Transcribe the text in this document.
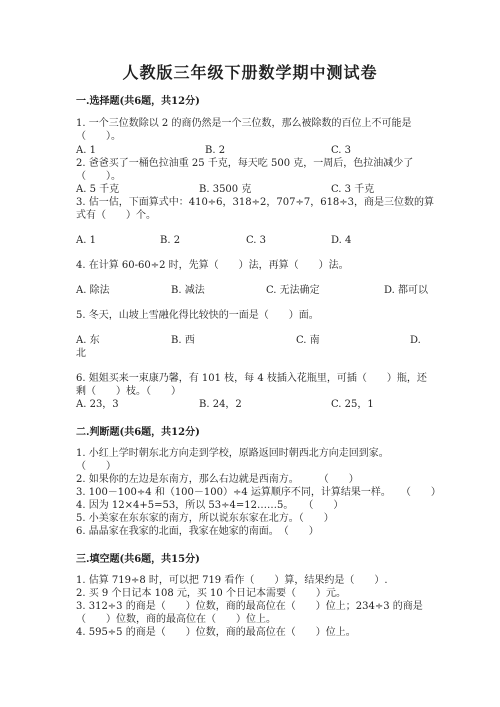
人教版三年级下册数学期中测试卷
一.选择题(共6题，共12分)
1. 一个三位数除以 2 的商仍然是一个三位数，那么被除数的百位上不可能是
（　　）。
A. 1	B. 2	C. 3
2. 爸爸买了一桶色拉油重 25 千克，每天吃 500 克，一周后，色拉油减少了
（　　）。
A. 5 千克	B. 3500 克	C. 3 千克
3. 估一估，下面算式中：410÷6，318÷2，707÷7，618÷3，商是三位数的算
式有（　　）个。
A. 1	B. 2	C. 3	D. 4
4. 在计算 60-60÷2 时，先算（　　）法，再算（　　）法。
A. 除法	B. 减法	C. 无法确定	D. 都可以
5. 冬天，山坡上雪融化得比较快的一面是（　　）面。
A. 东	B. 西	C. 南	D.
北
6. 姐姐买来一束康乃馨，有 101 枝，每 4 枝插入花瓶里，可插（　　）瓶，还
剩（　　）枝。（　　）
A. 23，3	B. 24，2	C. 25，1
二.判断题(共6题，共12分)
1. 小红上学时朝东北方向走到学校，原路返回时朝西北方向走回到家。
（　　）
2. 如果你的左边是东南方，那么右边就是西南方。　　　（　　）
3. 100－100÷4 和（100－100）÷4 运算顺序不同，计算结果一样。　　（　　）
4. 因为 12×4+5=53，所以 53÷4=12……5。　　（　　）
5. 小美家在东东家的南方，所以说东东家在北方。（　　）
6. 晶晶家在我家的北面，我家在她家的南面。　（　　）
三.填空题(共6题，共15分)
1. 估算 719÷8 时，可以把 719 看作（　　）算，结果约是（　　）.
2. 买 9 个日记本 108 元，买 10 个日记本需要（　　）元。
3. 312÷3 的商是（　　）位数，商的最高位在（　　）位上；234÷3 的商是
（　　）位数，商的最高位在（　　）位上。
4. 595÷5 的商是（　　）位数，商的最高位在（　　）位上。
